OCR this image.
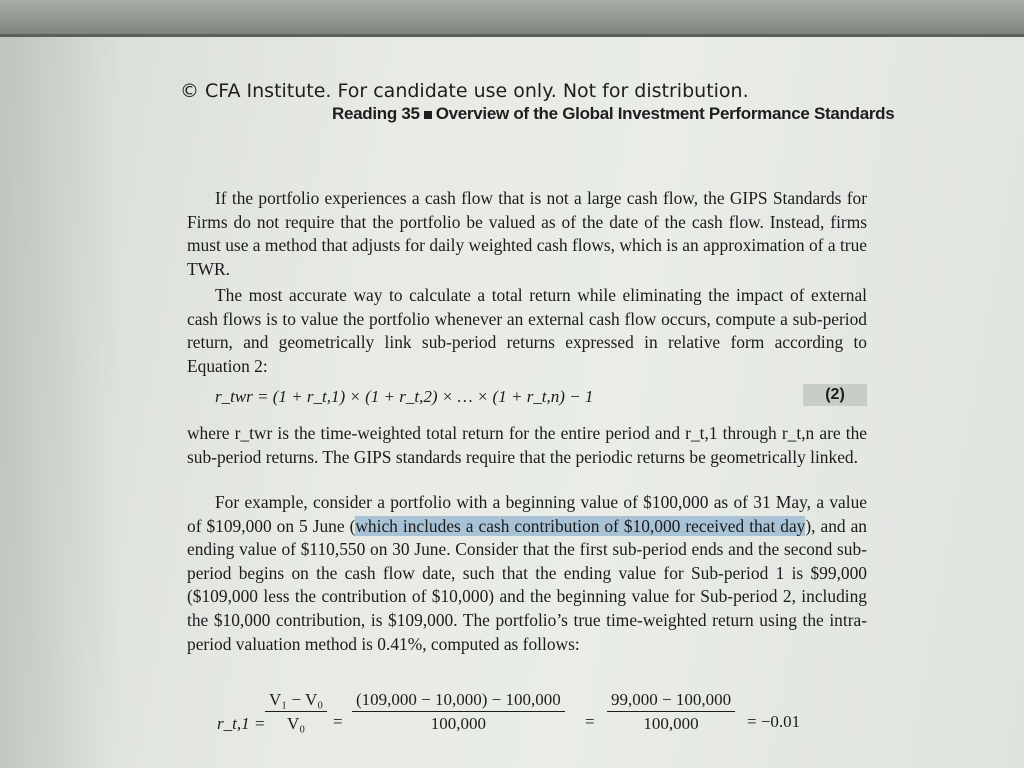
© CFA Institute. For candidate use only. Not for distribution.
Reading 35 Overview of the Global Investment Performance Standards

If the portfolio experiences a cash flow that is not a large cash flow, the GIPS Standards for Firms do not require that the portfolio be valued as of the date of the cash flow. Instead, firms must use a method that adjusts for daily weighted cash flows, which is an approximation of a true TWR.

The most accurate way to calculate a total return while eliminating the impact of external cash flows is to value the portfolio whenever an external cash flow occurs, compute a sub-period return, and geometrically link sub-period returns expressed in relative form according to Equation 2:

r_twr = (1 + r_t,1) × (1 + r_t,2) × … × (1 + r_t,n) − 1	(2)

where r_twr is the time-weighted total return for the entire period and r_t,1 through r_t,n are the sub-period returns. The GIPS standards require that the periodic returns be geometrically linked.

For example, consider a portfolio with a beginning value of $100,000 as of 31 May, a value of $109,000 on 5 June (which includes a cash contribution of $10,000 received that day), and an ending value of $110,550 on 30 June. Consider that the first sub-period ends and the second sub-period begins on the cash flow date, such that the ending value for Sub-period 1 is $99,000 ($109,000 less the contribution of $10,000) and the beginning value for Sub-period 2, including the $10,000 contribution, is $109,000. The portfolio’s true time-weighted return using the intra-period valuation method is 0.41%, computed as follows:

r_t,1 = $\frac{\text{V₁ − V₀}}{\text{V₀}} = \frac{(109,000 - 10,000) - 100,000}{100,000} = \frac{99,000 - 100,000}{100,000} = -0.01$
